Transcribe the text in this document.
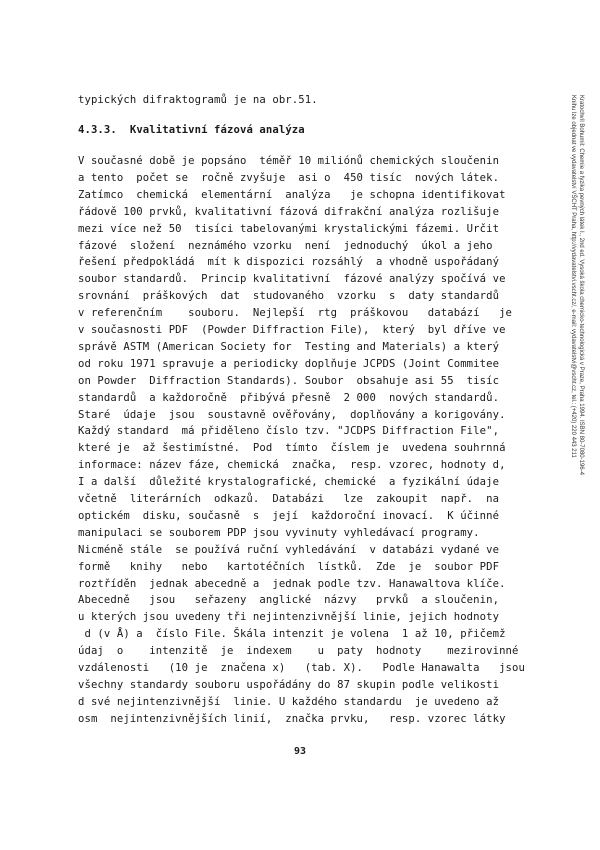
typických difraktogramů je na obr.51.
4.3.3. Kvalitativní fázová analýza
V současné době je popsáno  téměř 10 miliónů chemických sloučenin
a tento  počet se  ročně zvyšuje  asi o  450 tisíc  nových látek.
Zatímco  chemická  elementární  analýza   je schopna identifikovat
řádově 100 prvků, kvalitativní fázová difrakční analýza rozlišuje
mezi více než 50  tisíci tabelovanými krystalickými fázemi. Určit
fázové  složení  neznámého vzorku  není  jednoduchý  úkol a jeho
řešení předpokládá  mít k dispozici rozsáhlý  a vhodně uspořádaný
soubor standardů.  Princip kvalitativní  fázové analýzy spočívá ve
srovnání  práškových  dat  studovaného  vzorku  s  daty standardů
v referenčním    souboru.  Nejlepší  rtg  práškovou   databází   je
v současnosti PDF  (Powder Diffraction File),  který  byl dříve ve
správě ASTM (American Society for  Testing and Materials) a který
od roku 1971 spravuje a periodicky doplňuje JCPDS (Joint Commitee
on Powder  Diffraction Standards). Soubor  obsahuje asi 55  tisíc
standardů  a každoročně  přibývá přesně  2 000  nových standardů.
Staré  údaje  jsou  soustavně ověřovány,  doplňovány a korigovány.
Každý standard  má přiděleno číslo tzv. "JCDPS Diffraction File",
které je  až šestimístné.  Pod  tímto  číslem je  uvedena souhrnná
informace: název fáze, chemická  značka,  resp. vzorec, hodnoty d,
I a další  důležité krystalografické, chemické  a fyzikální údaje
včetně  literárních  odkazů.  Databázi   lze  zakoupit  např.  na
optickém  disku, současně  s  její  každoroční inovací.  K účinné
manipulaci se souborem PDP jsou vyvinuty vyhledávací programy.
Nicméně stále  se používá ruční vyhledávání  v databázi vydané ve
formě   knihy   nebo   kartotéčních  lístků.  Zde  je  soubor PDF
roztříděn  jednak abecedně a  jednak podle tzv. Hanawaltova klíče.
Abecedně   jsou   seřazeny  anglické  názvy   prvků  a sloučenin,
u kterých jsou uvedeny tři nejintenzivnější linie, jejich hodnoty
d (v Å) a  číslo File. Škála intenzit je volena  1 až 10, přičemž
údaj  o    intenzitě  je  indexem    u  paty  hodnoty    mezirovinné
vzdálenosti   (10 je  značena x)   (tab. X).   Podle Hanawalta   jsou
všechny standardy souboru uspořádány do 87 skupin podle velikosti
d své nejintenzivnější  linie. U každého standardu  je uvedeno až
osm  nejintenzivnějších linií,  značka prvku,   resp. vzorec látky
93
Kratochvíl Bohumil: Chemie a fyzika pevných látek I., 2nd ed. Vysoká škola chemicko-technologická v Praze, Praha 1994. ISBN 80-7080-196-4
Knihu lze objednat ve vydavatelství VŠCHT Praha, http://vydavatelstvi.vscht.cz/, e-mail: vydavatelstvi@vscht.cz, tel.: (+420) 220 443 211
